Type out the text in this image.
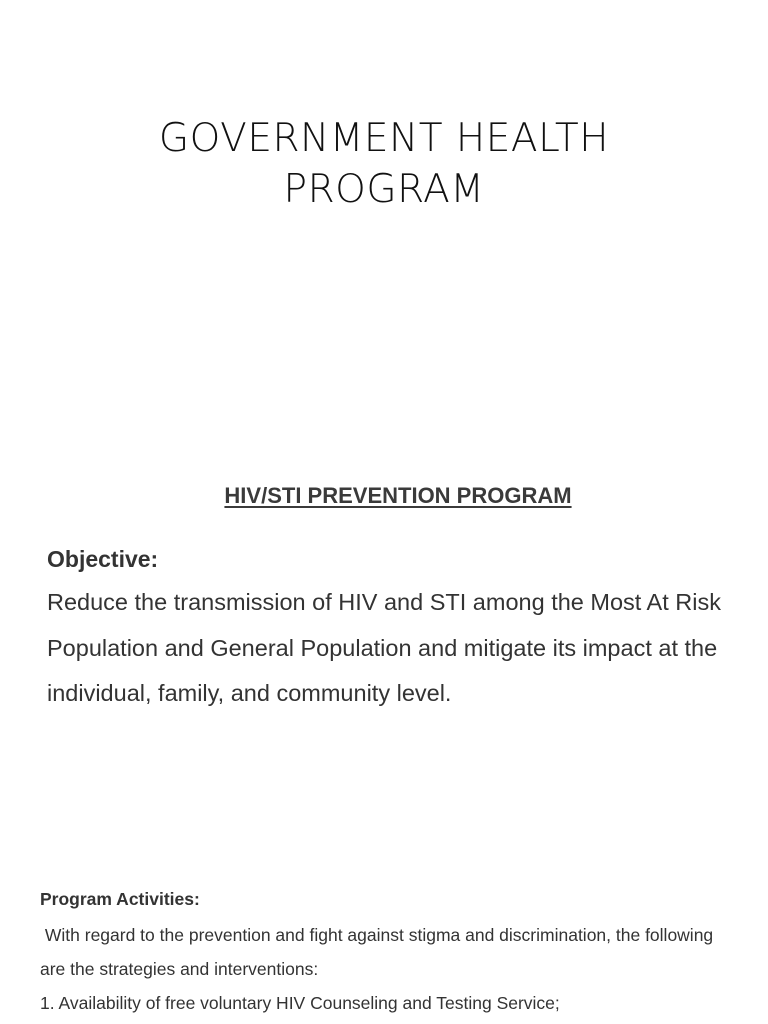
GOVERNMENT HEALTH
PROGRAM
HIV/STI PREVENTION PROGRAM

Objective:

Reduce the transmission of HIV and STI among the Most At Risk Population and General Population and mitigate its impact at the individual, family, and community level.

Program Activities:

With regard to the prevention and fight against stigma and discrimination, the following are the strategies and interventions:

1. Availability of free voluntary HIV Counseling and Testing Service;
